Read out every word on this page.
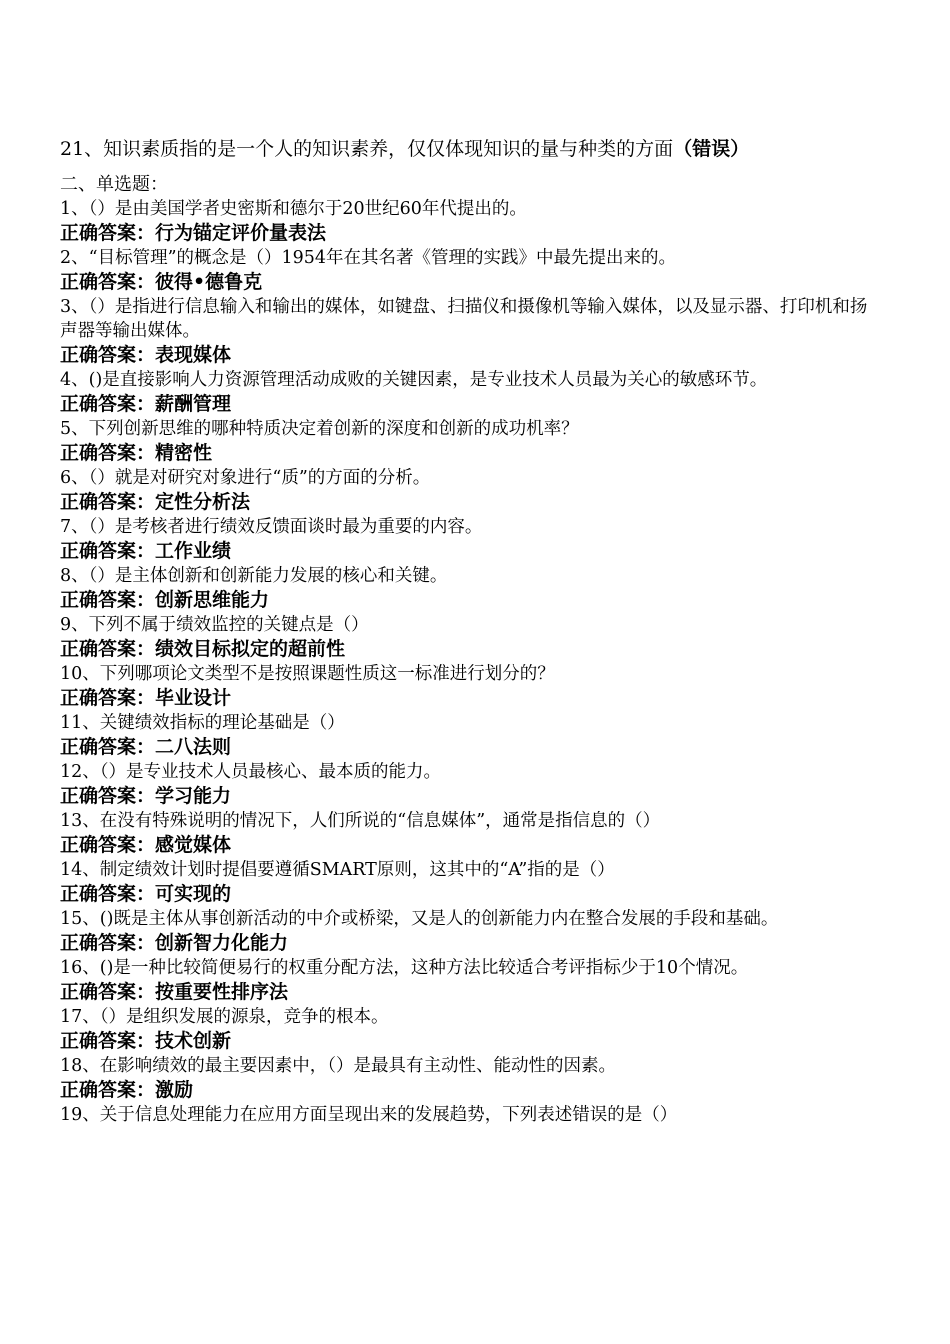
21、知识素质指的是一个人的知识素养，仅仅体现知识的量与种类的方面（错误）
二、单选题：
1、（）是由美国学者史密斯和德尔于20世纪60年代提出的。
正确答案：行为锚定评价量表法
2、“目标管理”的概念是（）1954年在其名著《管理的实践》中最先提出来的。
正确答案：彼得•德鲁克
3、（）是指进行信息输入和输出的媒体，如键盘、扫描仪和摄像机等输入媒体，以及显示器、打印机和扬声器等输出媒体。
正确答案：表现媒体
4、()是直接影响人力资源管理活动成败的关键因素，是专业技术人员最为关心的敏感环节。
正确答案：薪酬管理
5、下列创新思维的哪种特质决定着创新的深度和创新的成功机率？
正确答案：精密性
6、（）就是对研究对象进行“质”的方面的分析。
正确答案：定性分析法
7、（）是考核者进行绩效反馈面谈时最为重要的内容。
正确答案：工作业绩
8、（）是主体创新和创新能力发展的核心和关键。
正确答案：创新思维能力
9、下列不属于绩效监控的关键点是（）
正确答案：绩效目标拟定的超前性
10、下列哪项论文类型不是按照课题性质这一标准进行划分的？
正确答案：毕业设计
11、关键绩效指标的理论基础是（）
正确答案：二八法则
12、（）是专业技术人员最核心、最本质的能力。
正确答案：学习能力
13、在没有特殊说明的情况下，人们所说的“信息媒体”，通常是指信息的（）
正确答案：感觉媒体
14、制定绩效计划时提倡要遵循SMART原则，这其中的“A”指的是（）
正确答案：可实现的
15、()既是主体从事创新活动的中介或桥梁，又是人的创新能力内在整合发展的手段和基础。
正确答案：创新智力化能力
16、()是一种比较简便易行的权重分配方法，这种方法比较适合考评指标少于10个情况。
正确答案：按重要性排序法
17、（）是组织发展的源泉，竞争的根本。
正确答案：技术创新
18、在影响绩效的最主要因素中，（）是最具有主动性、能动性的因素。
正确答案：激励
19、关于信息处理能力在应用方面呈现出来的发展趋势，下列表述错误的是（）
